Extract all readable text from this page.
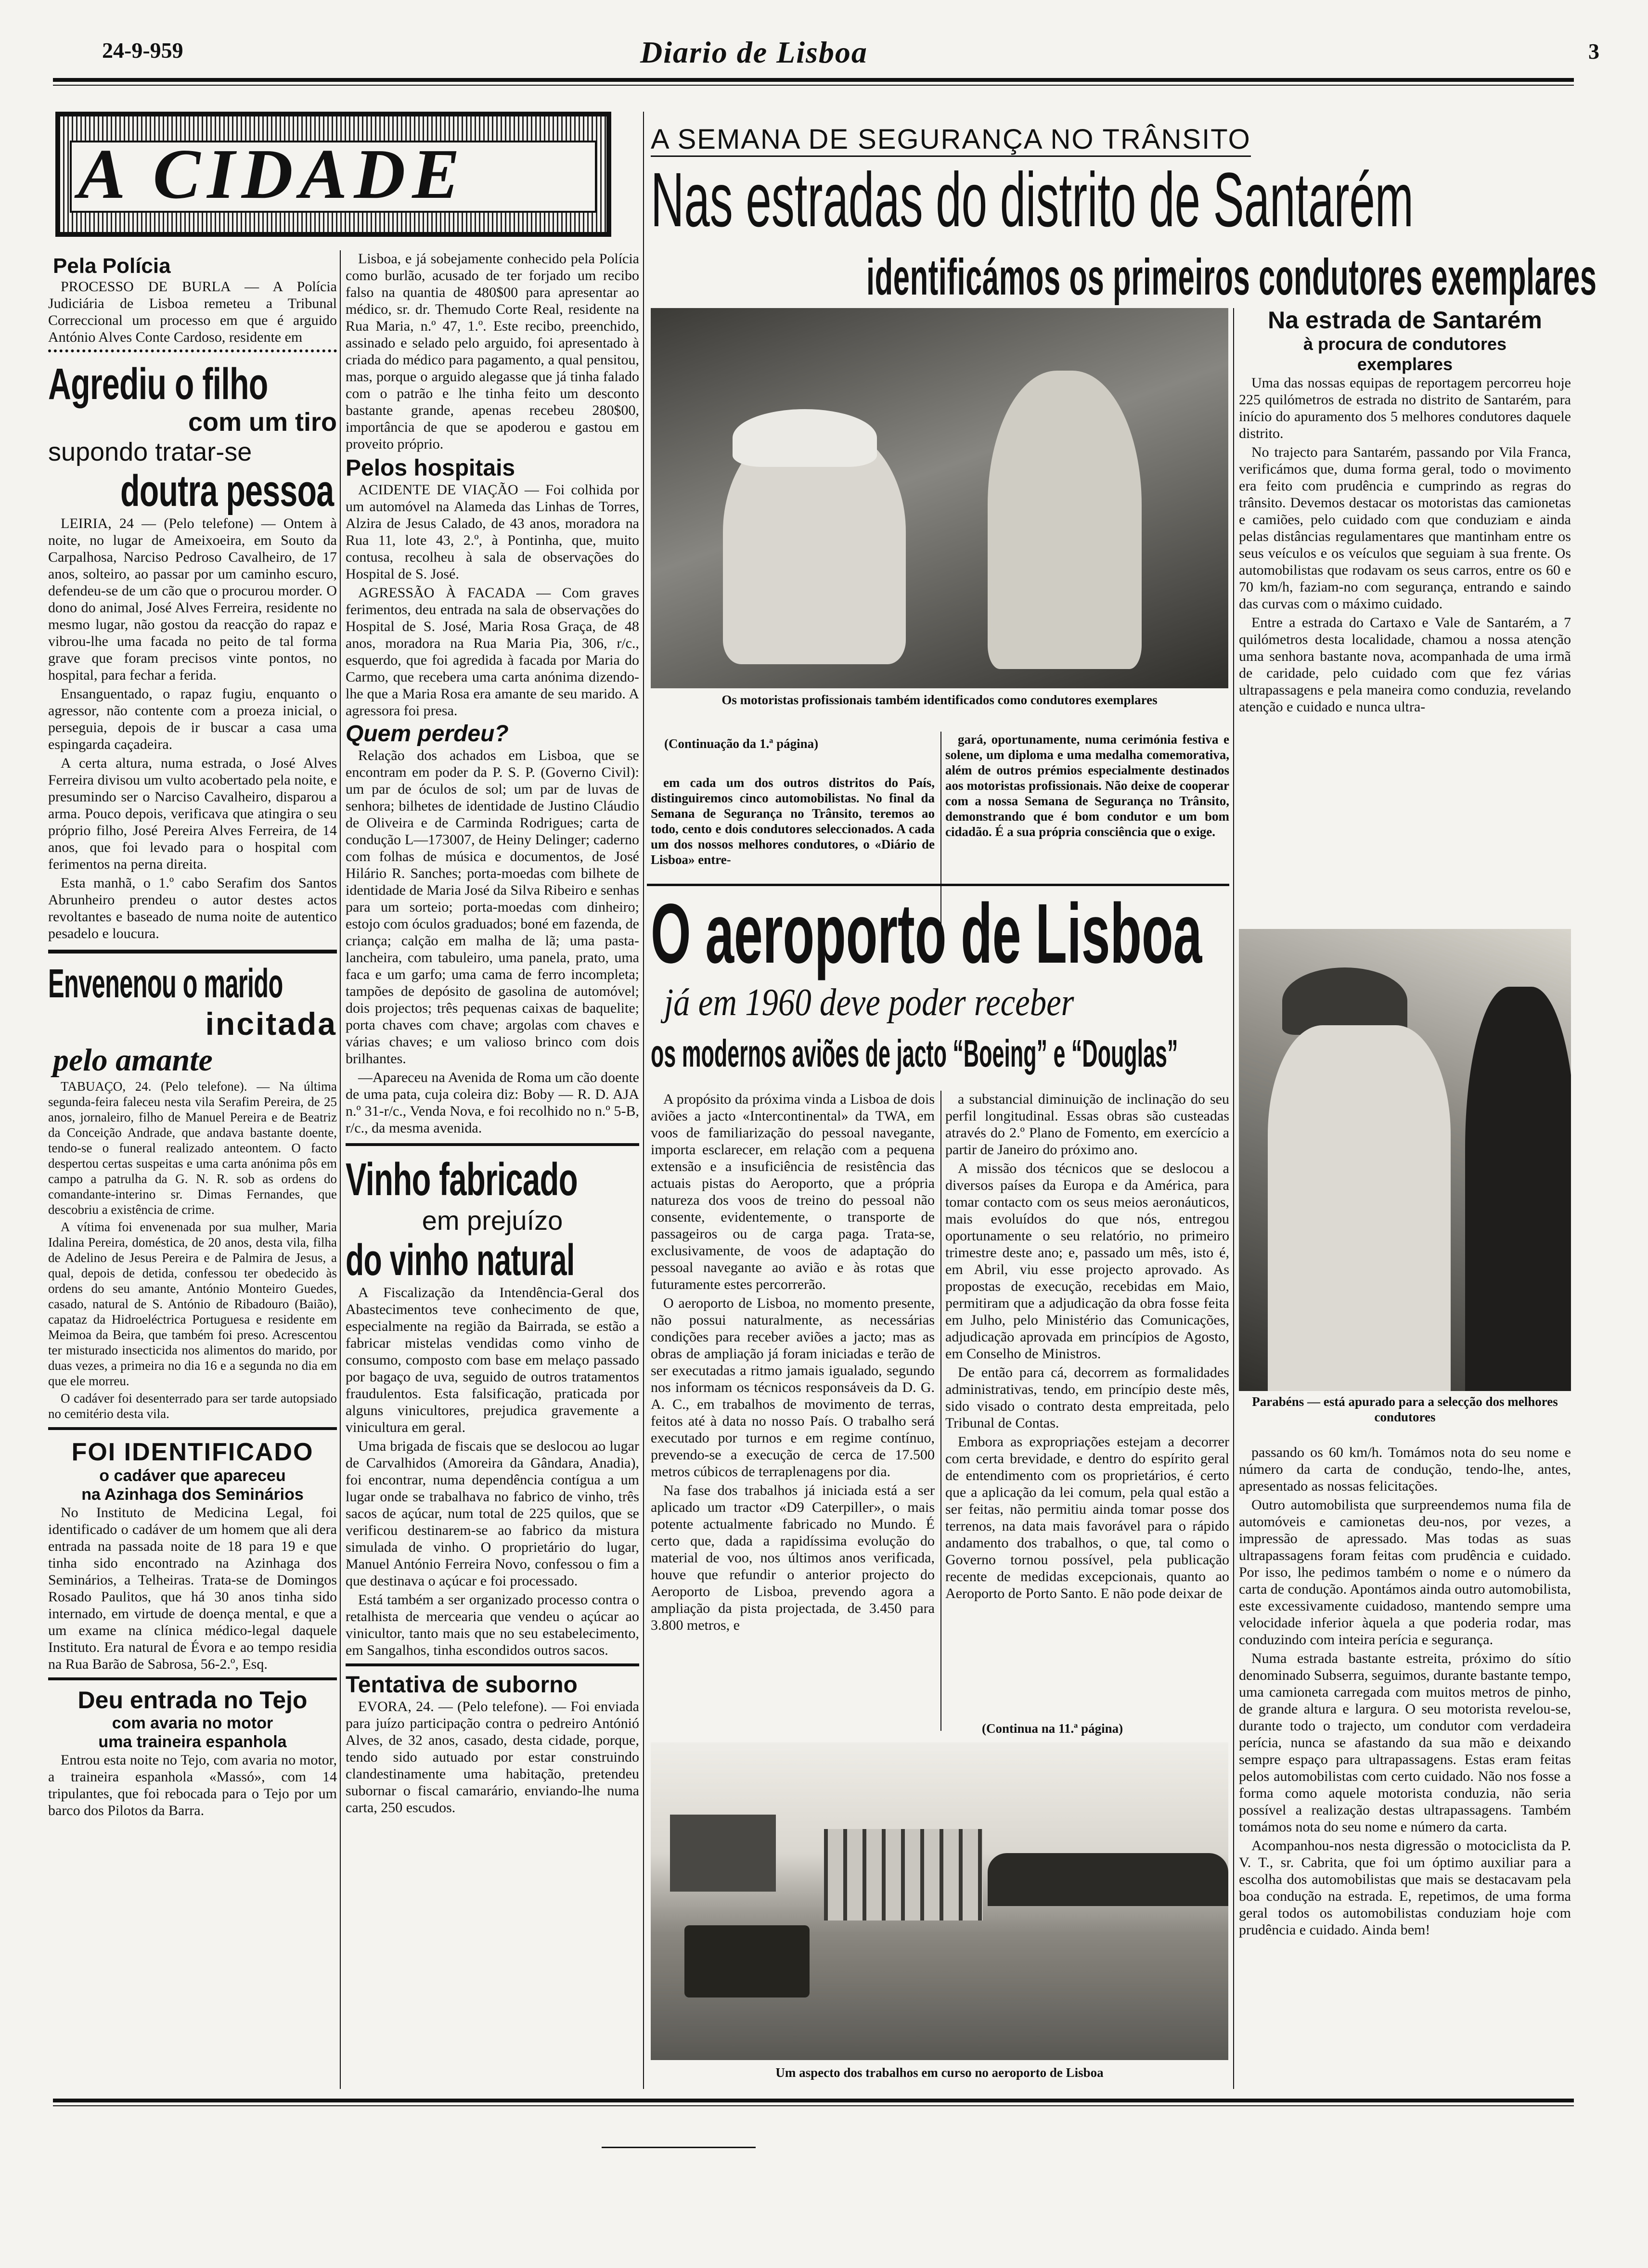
24-9-959	Diario de Lisboa	3
A CIDADE
Pela Polícia

PROCESSO DE BURLA — A Polícia Judiciária de Lisboa remeteu a Tribunal Correccional um processo em que é arguido António Alves Conte Cardoso, residente em

Agrediu o filho
com um tiro
supondo tratar-se
doutra pessoa

LEIRIA, 24 — (Pelo telefone) — Ontem à noite, no lugar de Ameixoeira, em Souto da Carpalhosa, Narciso Pedroso Cavalheiro, de 17 anos, solteiro, ao passar por um caminho escuro, defendeu-se de um cão que o procurou morder. O dono do animal, José Alves Ferreira, residente no mesmo lugar, não gostou da reacção do rapaz e vibrou-lhe uma facada no peito de tal forma grave que foram precisos vinte pontos, no hospital, para fechar a ferida.

Ensanguentado, o rapaz fugiu, enquanto o agressor, não contente com a proeza inicial, o perseguia, depois de ir buscar a casa uma espingarda caçadeira.

A certa altura, numa estrada, o José Alves Ferreira divisou um vulto acobertado pela noite, e presumindo ser o Narciso Cavalheiro, disparou a arma. Pouco depois, verificava que atingira o seu próprio filho, José Pereira Alves Ferreira, de 14 anos, que foi levado para o hospital com ferimentos na perna direita.

Esta manhã, o 1.º cabo Serafim dos Santos Abrunheiro prendeu o autor destes actos revoltantes e baseado de numa noite de autentico pesadelo e loucura.

Envenenou o marido
incitada
pelo amante

TABUAÇO, 24. (Pelo telefone). — Na última segunda-feira faleceu nesta vila Serafim Pereira, de 25 anos, jornaleiro, filho de Manuel Pereira e de Beatriz da Conceição Andrade, que andava bastante doente, tendo-se o funeral realizado anteontem. O facto despertou certas suspeitas e uma carta anónima pôs em campo a patrulha da G. N. R. sob as ordens do comandante-interino sr. Dimas Fernandes, que descobriu a existência de crime.

A vítima foi envenenada por sua mulher, Maria Idalina Pereira, doméstica, de 20 anos, desta vila, filha de Adelino de Jesus Pereira e de Palmira de Jesus, a qual, depois de detida, confessou ter obedecido às ordens do seu amante, António Monteiro Guedes, casado, natural de S. António de Ribadouro (Baião), capataz da Hidroeléctrica Portuguesa e residente em Meimoa da Beira, que também foi preso. Acrescentou ter misturado insecticida nos alimentos do marido, por duas vezes, a primeira no dia 16 e a segunda no dia em que ele morreu.

O cadáver foi desenterrado para ser tarde autopsiado no cemitério desta vila.

FOI IDENTIFICADO
o cadáver que apareceu
na Azinhaga dos Seminários

No Instituto de Medicina Legal, foi identificado o cadáver de um homem que ali dera entrada na passada noite de 18 para 19 e que tinha sido encontrado na Azinhaga dos Seminários, a Telheiras. Trata-se de Domingos Rosado Paulitos, que há 30 anos tinha sido internado, em virtude de doença mental, e que a um exame na clínica médico-legal daquele Instituto. Era natural de Évora e ao tempo residia na Rua Barão de Sabrosa, 56-2.º, Esq.

Deu entrada no Tejo
com avaria no motor
uma traineira espanhola

Entrou esta noite no Tejo, com avaria no motor, a traineira espanhola «Massó», com 14 tripulantes, que foi rebocada para o Tejo por um barco dos Pilotos da Barra.

Lisboa, e já sobejamente conhecido pela Polícia como burlão, acusado de ter forjado um recibo falso na quantia de 480$00 para apresentar ao médico, sr. dr. Themudo Corte Real, residente na Rua Maria, n.º 47, 1.º. Este recibo, preenchido, assinado e selado pelo arguido, foi apresentado à criada do médico para pagamento, a qual pensitou, mas, porque o arguido alegasse que já tinha falado com o patrão e lhe tinha feito um desconto bastante grande, apenas recebeu 280$00, importância de que se apoderou e gastou em proveito próprio.

Pelos hospitais

ACIDENTE DE VIAÇÃO — Foi colhida por um automóvel na Alameda das Linhas de Torres, Alzira de Jesus Calado, de 43 anos, moradora na Rua 11, lote 43, 2.º, à Pontinha, que, muito contusa, recolheu à sala de observações do Hospital de S. José.

AGRESSÃO À FACADA — Com graves ferimentos, deu entrada na sala de observações do Hospital de S. José, Maria Rosa Graça, de 48 anos, moradora na Rua Maria Pia, 306, r/c., esquerdo, que foi agredida à facada por Maria do Carmo, que recebera uma carta anónima dizendo-lhe que a Maria Rosa era amante de seu marido. A agressora foi presa.

Quem perdeu?

Relação dos achados em Lisboa, que se encontram em poder da P. S. P. (Governo Civil): um par de óculos de sol; um par de luvas de senhora; bilhetes de identidade de Justino Cláudio de Oliveira e de Carminda Rodrigues; carta de condução L—173007, de Heiny Delinger; caderno com folhas de música e documentos, de José Hilário R. Sanches; porta-moedas com bilhete de identidade de Maria José da Silva Ribeiro e senhas para um sorteio; porta-moedas com dinheiro; estojo com óculos graduados; boné em fazenda, de criança; calção em malha de lã; uma pasta-lancheira, com tabuleiro, uma panela, prato, uma faca e um garfo; uma cama de ferro incompleta; tampões de depósito de gasolina de automóvel; dois projectos; três pequenas caixas de baquelite; porta chaves com chave; argolas com chaves e várias chaves; e um valioso brinco com dois brilhantes.

—Apareceu na Avenida de Roma um cão doente de uma pata, cuja coleira diz: Boby — R. D. AJA n.º 31-r/c., Venda Nova, e foi recolhido no n.º 5-B, r/c., da mesma avenida.

Vinho fabricado
em prejuízo
do vinho natural

A Fiscalização da Intendência-Geral dos Abastecimentos teve conhecimento de que, especialmente na região da Bairrada, se estão a fabricar mistelas vendidas como vinho de consumo, composto com base em melaço passado por bagaço de uva, seguido de outros tratamentos fraudulentos. Esta falsificação, praticada por alguns vinicultores, prejudica gravemente a vinicultura em geral.

Uma brigada de fiscais que se deslocou ao lugar de Carvalhidos (Amoreira da Gândara, Anadia), foi encontrar, numa dependência contígua a um lugar onde se trabalhava no fabrico de vinho, três sacos de açúcar, num total de 225 quilos, que se verificou destinarem-se ao fabrico da mistura simulada de vinho. O proprietário do lugar, Manuel António Ferreira Novo, confessou o fim a que destinava o açúcar e foi processado.

Está também a ser organizado processo contra o retalhista de mercearia que vendeu o açúcar ao vinicultor, tanto mais que no seu estabelecimento, em Sangalhos, tinha escondidos outros sacos.

Tentativa de suborno

EVORA, 24. — (Pelo telefone). — Foi enviada para juízo participação contra o pedreiro Antónió Alves, de 32 anos, casado, desta cidade, porque, tendo sido autuado por estar construindo clandestinamente uma habitação, pretendeu subornar o fiscal camarário, enviando-lhe numa carta, 250 escudos.

A SEMANA DE SEGURANÇA NO TRÂNSITO
Nas estradas do distrito de Santarém
identificámos os primeiros condutores exemplares
Os motoristas profissionais também identificados como condutores exemplares
(Continuação da 1.ª página)

em cada um dos outros distritos do País, distinguiremos cinco automobilistas. No final da Semana de Segurança no Trânsito, teremos ao todo, cento e dois condutores seleccionados. A cada um dos nossos melhores condutores, o «Diário de Lisboa» entre-

gará, oportunamente, numa cerimónia festiva e solene, um diploma e uma medalha comemorativa, além de outros prémios especialmente destinados aos motoristas profissionais. Não deixe de cooperar com a nossa Semana de Segurança no Trânsito, demonstrando que é bom condutor e um bom cidadão. É a sua própria consciência que o exige.

Na estrada de Santarém
à procura de condutores
exemplares

Uma das nossas equipas de reportagem percorreu hoje 225 quilómetros de estrada no distrito de Santarém, para início do apuramento dos 5 melhores condutores daquele distrito.

No trajecto para Santarém, passando por Vila Franca, verificámos que, duma forma geral, todo o movimento era feito com prudência e cumprindo as regras do trânsito. Devemos destacar os motoristas das camionetas e camiões, pelo cuidado com que conduziam e ainda pelas distâncias regulamentares que mantinham entre os seus veículos e os veículos que seguiam à sua frente. Os automobilistas que rodavam os seus carros, entre os 60 e 70 km/h, faziam-no com segurança, entrando e saindo das curvas com o máximo cuidado.

Entre a estrada do Cartaxo e Vale de Santarém, a 7 quilómetros desta localidade, chamou a nossa atenção uma senhora bastante nova, acompanhada de uma irmã de caridade, pelo cuidado com que fez várias ultrapassagens e pela maneira como conduzia, revelando atenção e cuidado e nunca ultra-

Parabéns — está apurado para a selecção dos melhores condutores

passando os 60 km/h. Tomámos nota do seu nome e número da carta de condução, tendo-lhe, antes, apresentado as nossas felicitações.

Outro automobilista que surpreendemos numa fila de automóveis e camionetas deu-nos, por vezes, a impressão de apressado. Mas todas as suas ultrapassagens foram feitas com prudência e cuidado. Por isso, lhe pedimos também o nome e o número da carta de condução. Apontámos ainda outro automobilista, este excessivamente cuidadoso, mantendo sempre uma velocidade inferior àquela a que poderia rodar, mas conduzindo com inteira perícia e segurança.

Numa estrada bastante estreita, próximo do sítio denominado Subserra, seguimos, durante bastante tempo, uma camioneta carregada com muitos metros de pinho, de grande altura e largura. O seu motorista revelou-se, durante todo o trajecto, um condutor com verdadeira perícia, nunca se afastando da sua mão e deixando sempre espaço para ultrapassagens. Estas eram feitas pelos automobilistas com certo cuidado. Não nos fosse a forma como aquele motorista conduzia, não seria possível a realização destas ultrapassagens. Também tomámos nota do seu nome e número da carta.

Acompanhou-nos nesta digressão o motociclista da P. V. T., sr. Cabrita, que foi um óptimo auxiliar para a escolha dos automobilistas que mais se destacavam pela boa condução na estrada. E, repetimos, de uma forma geral todos os automobilistas conduziam hoje com prudência e cuidado. Ainda bem!

O aeroporto de Lisboa
já em 1960 deve poder receber
os modernos aviões de jacto “Boeing” e “Douglas”

A propósito da próxima vinda a Lisboa de dois aviões a jacto «Intercontinental» da TWA, em voos de familiarização do pessoal navegante, importa esclarecer, em relação com a pequena extensão e a insuficiência de resistência das actuais pistas do Aeroporto, que a própria natureza dos voos de treino do pessoal não consente, evidentemente, o transporte de passageiros ou de carga paga. Trata-se, exclusivamente, de voos de adaptação do pessoal navegante ao avião e às rotas que futuramente estes percorrerão.

O aeroporto de Lisboa, no momento presente, não possui naturalmente, as necessárias condições para receber aviões a jacto; mas as obras de ampliação já foram iniciadas e terão de ser executadas a ritmo jamais igualado, segundo nos informam os técnicos responsáveis da D. G. A. C., em trabalhos de movimento de terras, feitos até à data no nosso País. O trabalho será executado por turnos e em regime contínuo, prevendo-se a execução de cerca de 17.500 metros cúbicos de terraplenagens por dia.

Na fase dos trabalhos já iniciada está a ser aplicado um tractor «D9 Caterpiller», o mais potente actualmente fabricado no Mundo. É certo que, dada a rapidíssima evolução do material de voo, nos últimos anos verificada, houve que refundir o anterior projecto do Aeroporto de Lisboa, prevendo agora a ampliação da pista projectada, de 3.450 para 3.800 metros, e

a substancial diminuição de inclinação do seu perfil longitudinal. Essas obras são custeadas através do 2.º Plano de Fomento, em exercício a partir de Janeiro do próximo ano.

A missão dos técnicos que se deslocou a diversos países da Europa e da América, para tomar contacto com os seus meios aeronáuticos, mais evoluídos do que nós, entregou oportunamente o seu relatório, no primeiro trimestre deste ano; e, passado um mês, isto é, em Abril, viu esse projecto aprovado. As propostas de execução, recebidas em Maio, permitiram que a adjudicação da obra fosse feita em Julho, pelo Ministério das Comunicações, adjudicação aprovada em princípios de Agosto, em Conselho de Ministros.

De então para cá, decorrem as formalidades administrativas, tendo, em princípio deste mês, sido visado o contrato desta empreitada, pelo Tribunal de Contas.

Embora as expropriações estejam a decorrer com certa brevidade, e dentro do espírito geral de entendimento com os proprietários, é certo que a aplicação da lei comum, pela qual estão a ser feitas, não permitiu ainda tomar posse dos terrenos, na data mais favorável para o rápido andamento dos trabalhos, o que, tal como o Governo tornou possível, pela publicação recente de medidas excepcionais, quanto ao Aeroporto de Porto Santo. E não pode deixar de

(Continua na 11.ª página)
Um aspecto dos trabalhos em curso no aeroporto de Lisboa
